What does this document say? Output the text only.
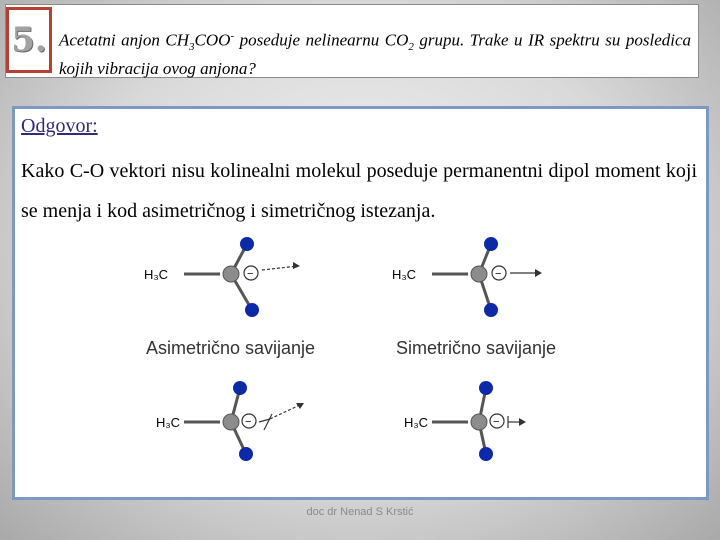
5. Acetatni anjon $CH_3COO^-$ poseduje nelinearnu $CO_2$ grupu. Trake u IR spektru su posledica kojih vibracija ovog anjona?
Odgovor:
Kako C-O vektori nisu kolinealni molekul poseduje permanentni dipol moment koji se menja i kod asimetričnog i simetričnog istezanja.
H₃C	−	H₃C	−
Asimetrično savijanje	Simetrično savijanje
H₃C	−	H₃C	−
doc dr Nenad S Krstić
